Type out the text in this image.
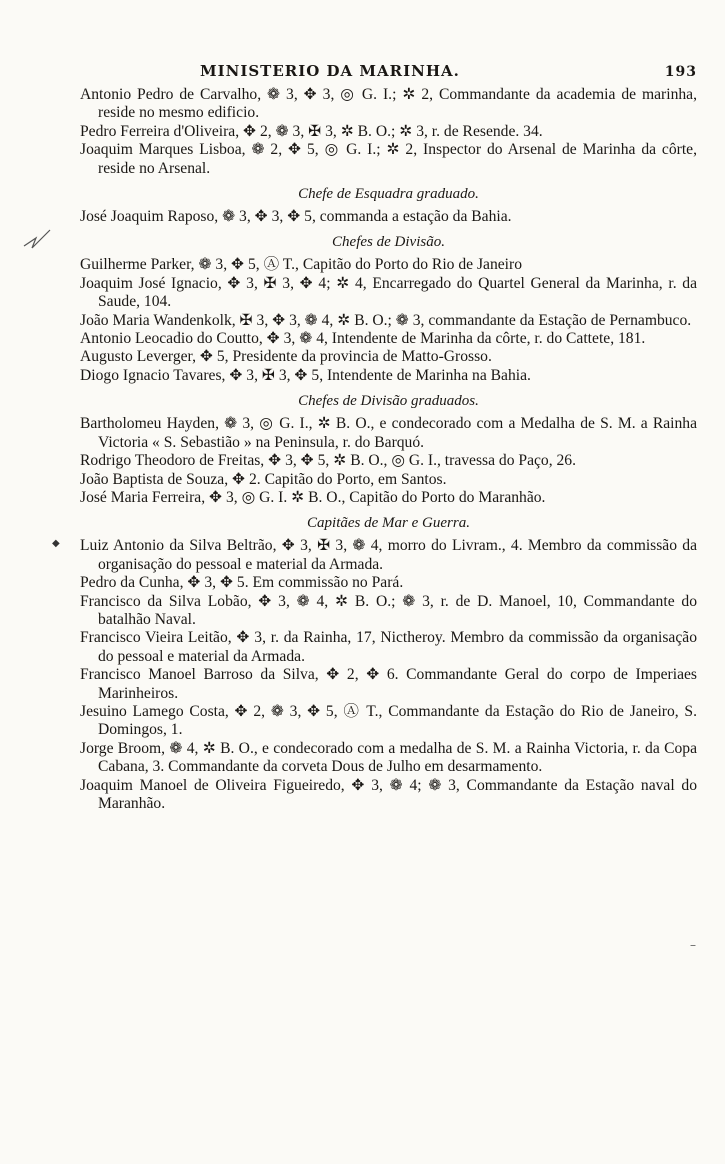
MINISTERIO DA MARINHA.	193

Antonio Pedro de Carvalho, ❁ 3, ✥ 3, ◎ G. I.; ✲ 2, Commandante da academia de marinha, reside no mesmo edificio.

Pedro Ferreira d'Oliveira, ✥ 2, ❁ 3, ✠ 3, ✲ B. O.; ✲ 3, r. de Resende. 34.

Joaquim Marques Lisboa, ❁ 2, ✥ 5, ◎ G. I.; ✲ 2, Inspector do Arsenal de Marinha da côrte, reside no Arsenal.

Chefe de Esquadra graduado.

José Joaquim Raposo, ❁ 3, ✥ 3, ✥ 5, commanda a estação da Bahia.

Chefes de Divisão.

Guilherme Parker, ❁ 3, ✥ 5, Ⓐ T., Capitão do Porto do Rio de Janeiro

Joaquim José Ignacio, ✥ 3, ✠ 3, ✥ 4; ✲ 4, Encarregado do Quartel General da Marinha, r. da Saude, 104.

João Maria Wandenkolk, ✠ 3, ✥ 3, ❁ 4, ✲ B. O.; ❁ 3, commandante da Estação de Pernambuco.

Antonio Leocadio do Coutto, ✥ 3, ❁ 4, Intendente de Marinha da côrte, r. do Cattete, 181.

Augusto Leverger, ✥ 5, Presidente da provincia de Matto-Grosso.

Diogo Ignacio Tavares, ✥ 3, ✠ 3, ✥ 5, Intendente de Marinha na Bahia.

Chefes de Divisão graduados.

Bartholomeu Hayden, ❁ 3, ◎ G. I., ✲ B. O., e condecorado com a Medalha de S. M. a Rainha Victoria « S. Sebastião » na Peninsula, r. do Barquó.

Rodrigo Theodoro de Freitas, ✥ 3, ✥ 5, ✲ B. O., ◎ G. I., travessa do Paço, 26.

João Baptista de Souza, ✥ 2. Capitão do Porto, em Santos.

José Maria Ferreira, ✥ 3, ◎ G. I. ✲ B. O., Capitão do Porto do Maranhão.

Capitães de Mar e Guerra.

Luiz Antonio da Silva Beltrão, ✥ 3, ✠ 3, ❁ 4, morro do Livram., 4. Membro da commissão da organisação do pessoal e material da Armada.

Pedro da Cunha, ✥ 3, ✥ 5. Em commissão no Pará.

Francisco da Silva Lobão, ✥ 3, ❁ 4, ✲ B. O.; ❁ 3, r. de D. Manoel, 10, Commandante do batalhão Naval.

Francisco Vieira Leitão, ✥ 3, r. da Rainha, 17, Nictheroy. Membro da commissão da organisação do pessoal e material da Armada.

Francisco Manoel Barroso da Silva, ✥ 2, ✥ 6. Commandante Geral do corpo de Imperiaes Marinheiros.

Jesuino Lamego Costa, ✥ 2, ❁ 3, ✥ 5, Ⓐ T., Commandante da Estação do Rio de Janeiro, S. Domingos, 1.

Jorge Broom, ❁ 4, ✲ B. O., e condecorado com a medalha de S. M. a Rainha Victoria, r. da Copa Cabana, 3. Commandante da corveta Dous de Julho em desarmamento.

Joaquim Manoel de Oliveira Figueiredo, ✥ 3, ❁ 4; ❁ 3, Commandante da Estação naval do Maranhão.

◆
–
